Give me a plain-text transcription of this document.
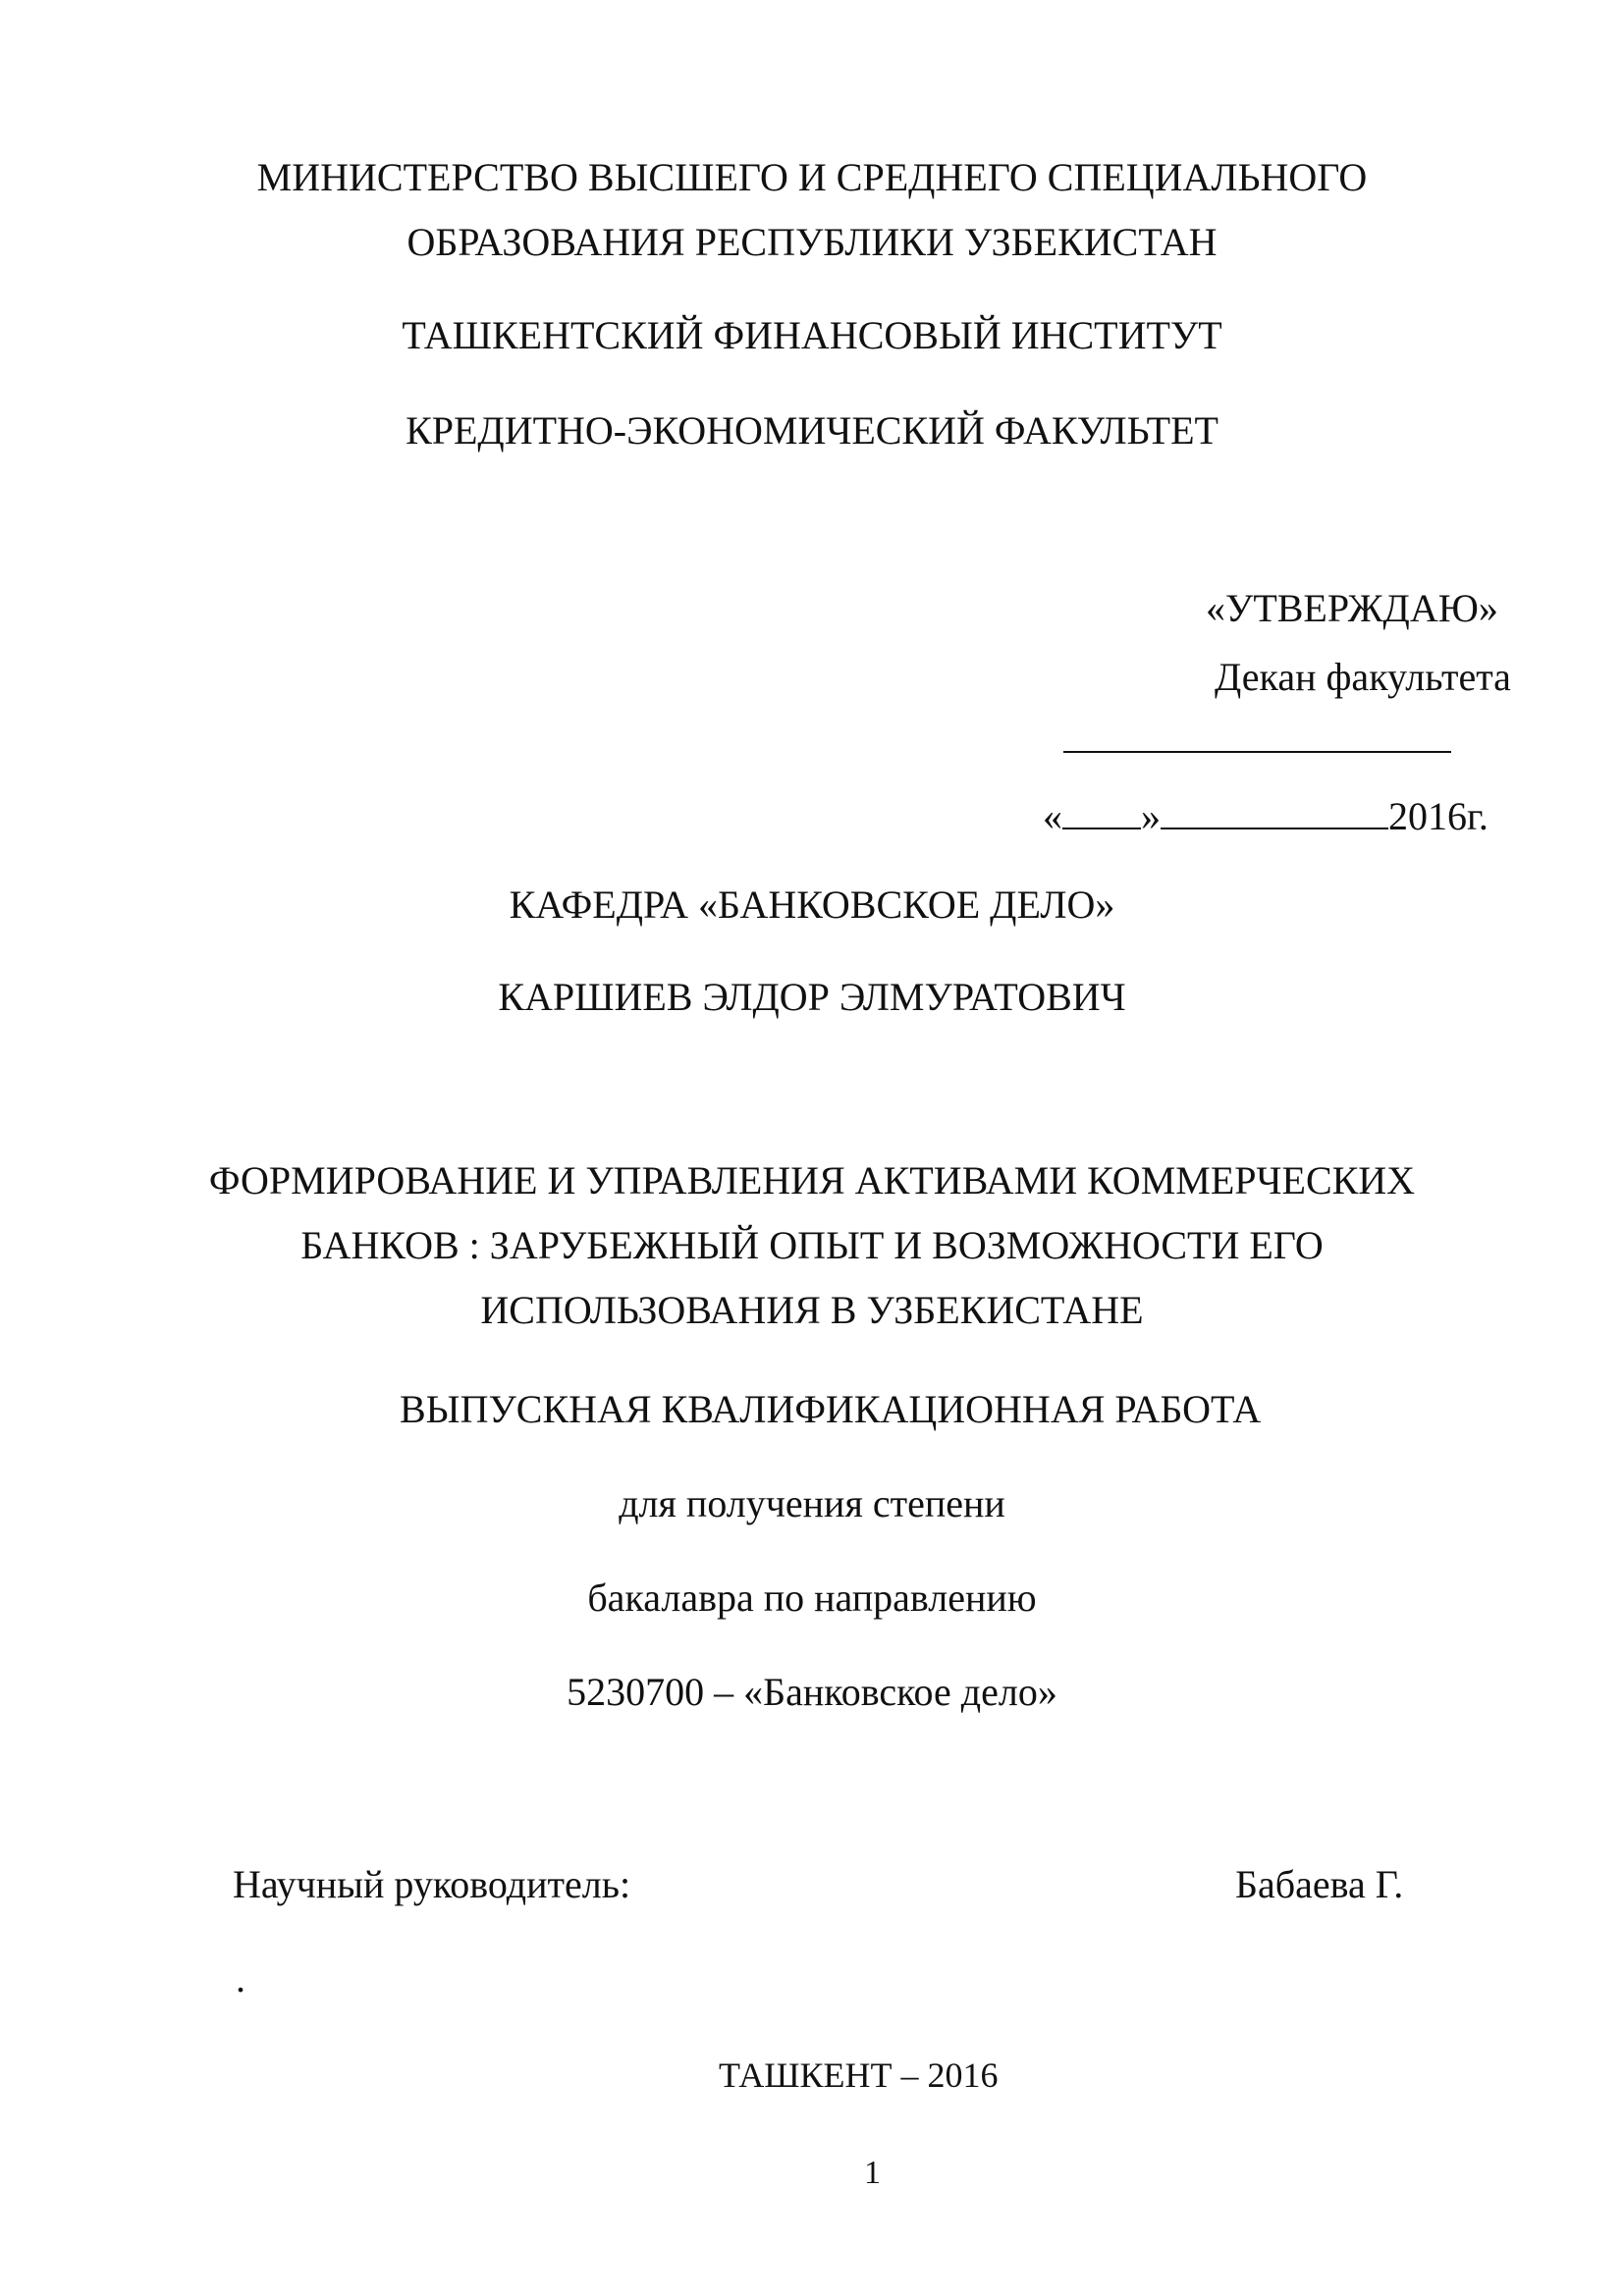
МИНИСТЕРСТВО ВЫСШЕГО И СРЕДНЕГО СПЕЦИАЛЬНОГО
ОБРАЗОВАНИЯ РЕСПУБЛИКИ УЗБЕКИСТАН
ТАШКЕНТСКИЙ ФИНАНСОВЫЙ ИНСТИТУТ
КРЕДИТНО-ЭКОНОМИЧЕСКИЙ ФАКУЛЬТЕТ
«УТВЕРЖДАЮ»
Декан факультета
« »	2016г.
КАФЕДРА «БАНКОВСКОЕ ДЕЛО»
КАРШИЕВ ЭЛДОР ЭЛМУРАТОВИЧ
ФОРМИРОВАНИЕ И УПРАВЛЕНИЯ АКТИВАМИ КОММЕРЧЕСКИХ
БАНКОВ : ЗАРУБЕЖНЫЙ ОПЫТ И ВОЗМОЖНОСТИ ЕГО
ИСПОЛЬЗОВАНИЯ В УЗБЕКИСТАНЕ
ВЫПУСКНАЯ КВАЛИФИКАЦИОННАЯ РАБОТА
для получения степени
бакалавра по направлению
5230700 – «Банковское дело»
Научный руководитель:	Бабаева Г.
.
ТАШКЕНТ – 2016
1
